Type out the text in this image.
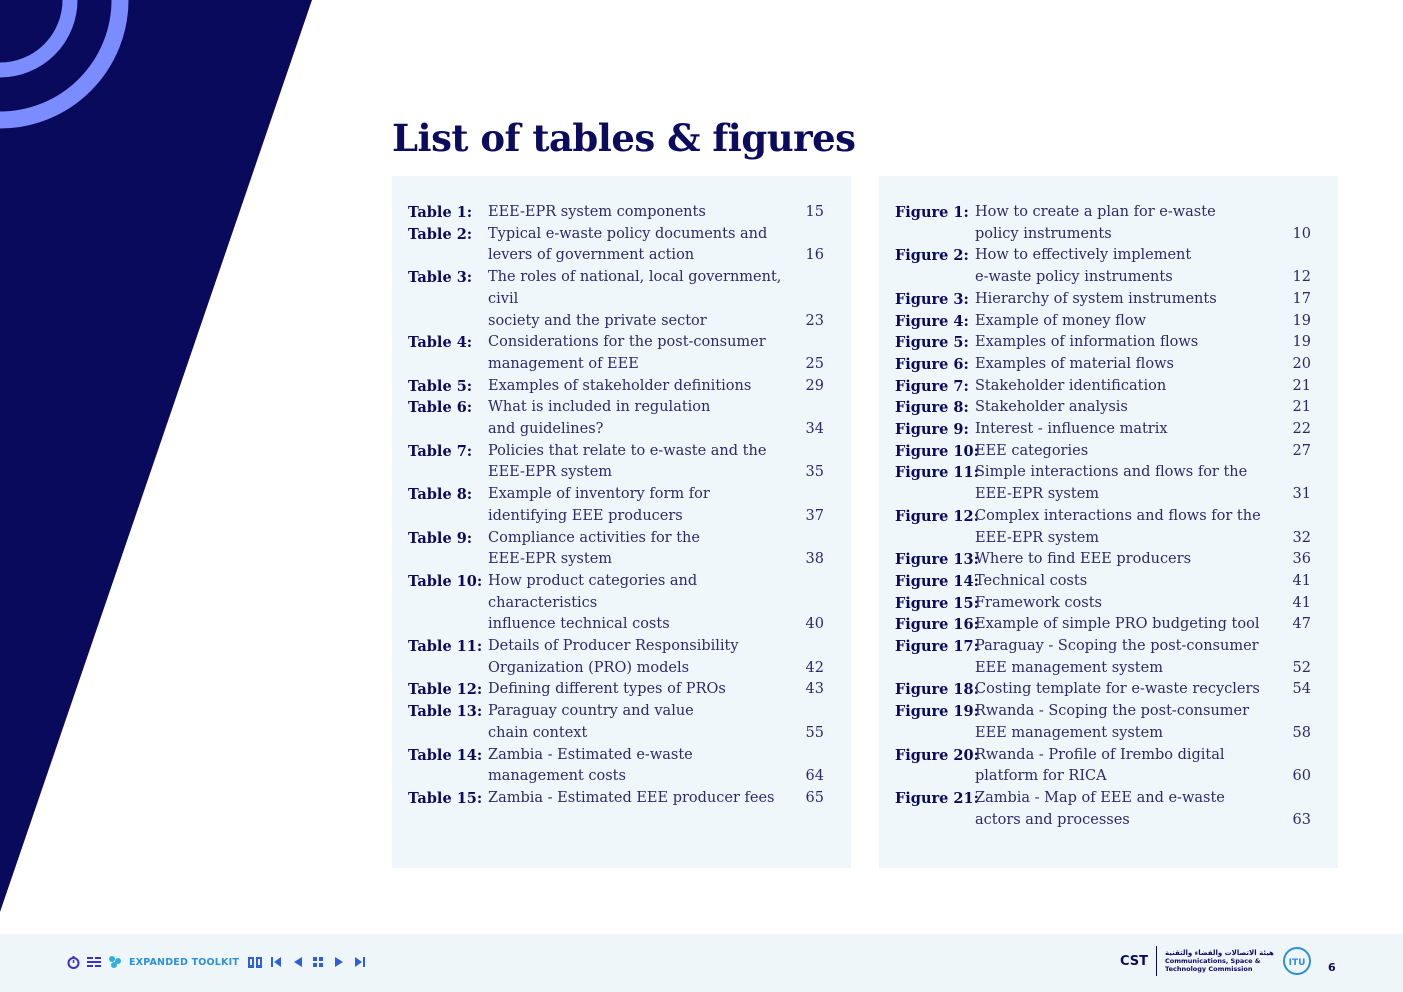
List of tables & figures
Table 1:	EEE-EPR system components	15
Table 2:	Typical e-waste policy documents and
levers of government action	16
Table 3:	The roles of national, local government, civil
society and the private sector	23
Table 4:	Considerations for the post-consumer
management of EEE	25
Table 5:	Examples of stakeholder definitions	29
Table 6:	What is included in regulation
and guidelines?	34
Table 7:	Policies that relate to e-waste and the
EEE-EPR system	35
Table 8:	Example of inventory form for
identifying EEE producers	37
Table 9:	Compliance activities for the
EEE-EPR system	38
Table 10: How product categories and characteristics
influence technical costs	40
Table 11: Details of Producer Responsibility
Organization (PRO) models	42
Table 12: Defining different types of PROs	43
Table 13: Paraguay country and value
chain context	55
Table 14: Zambia - Estimated e-waste
management costs	64
Table 15: Zambia - Estimated EEE producer fees	65
Figure 1: How to create a plan for e-waste
policy instruments	10
Figure 2: How to effectively implement
e-waste policy instruments	12
Figure 3: Hierarchy of system instruments	17
Figure 4: Example of money flow	19
Figure 5: Examples of information flows	19
Figure 6: Examples of material flows	20
Figure 7: Stakeholder identification	21
Figure 8: Stakeholder analysis	21
Figure 9: Interest - influence matrix	22
Figure 10:
EEE categories	27
Figure 11:
Simple interactions and flows for the
EEE-EPR system	31
Figure 12:
Complex interactions and flows for the
EEE-EPR system	32
Figure 13:
Where to find EEE producers	36
Figure 14:
Technical costs	41
Figure 15:
Framework costs	41
Figure 16:
Example of simple PRO budgeting tool	47
Figure 17:
Paraguay - Scoping the post-consumer
EEE management system	52
Figure 18:
Costing template for e-waste recyclers	54
Figure 19:
Rwanda - Scoping the post-consumer
EEE management system	58
Figure 20:
Rwanda - Profile of Irembo digital
platform for RICA	60
Figure 21:
Zambia - Map of EEE and e-waste
actors and processes	63
EXPANDED TOOLKIT	CST
هيئة الاتصالات والفضاء والتقنية
Communications, Space &
Technology Commission
ITU 6
